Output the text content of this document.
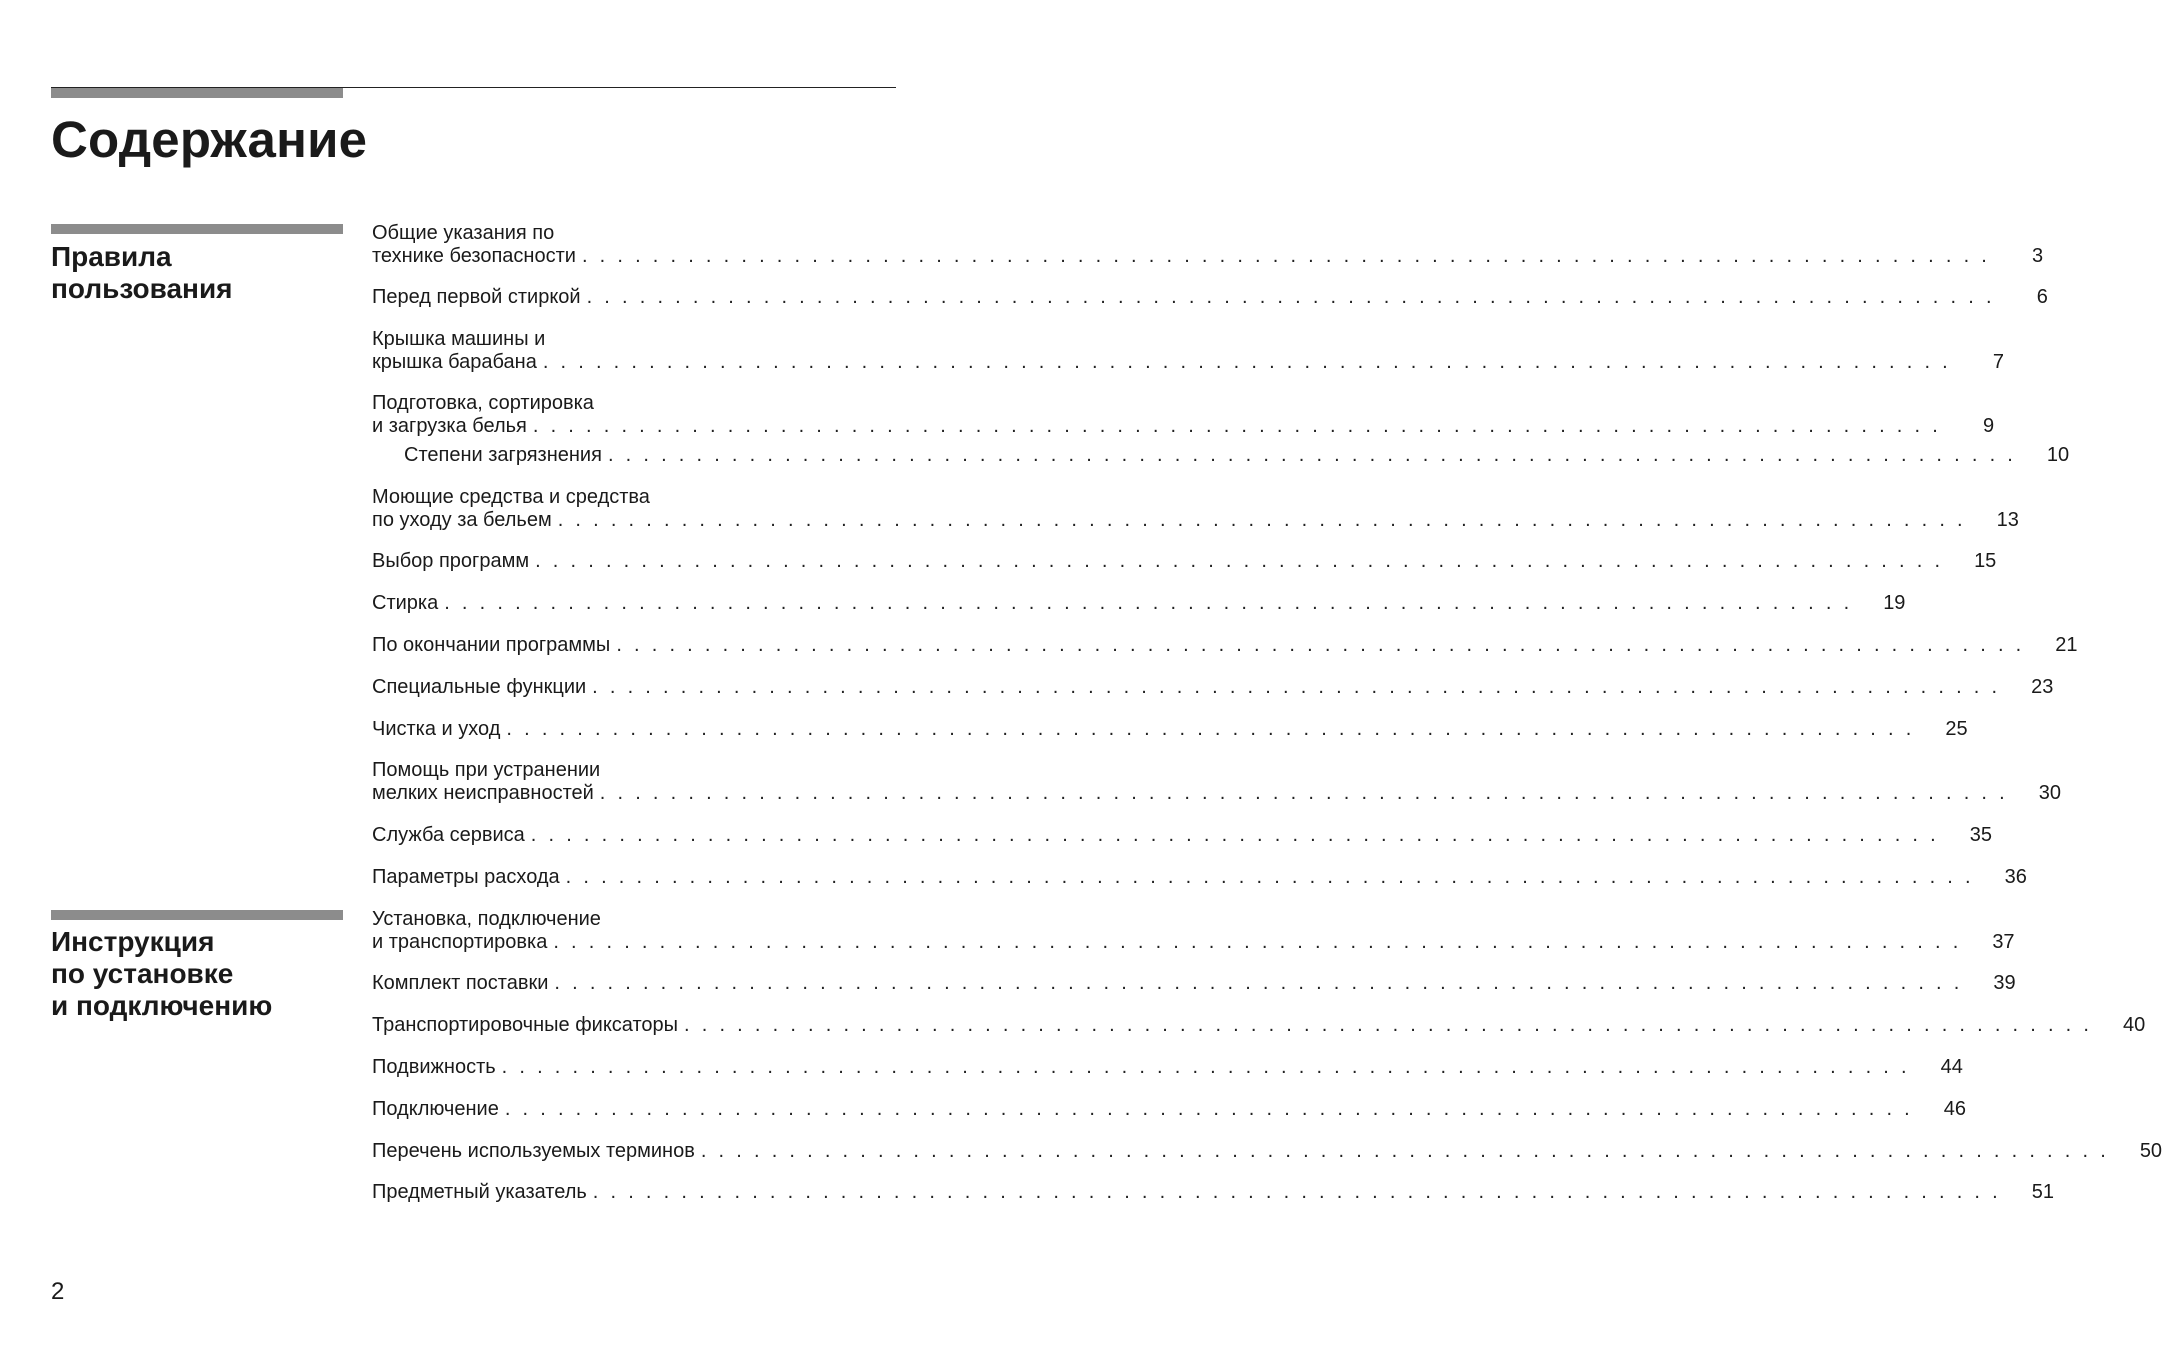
Содержание
Правила
пользования
Инструкция
по установке
и подключению
Общие указания по
технике безопасности . . . . . . . . . . . . . . . . . . . . . . . . . . . . . . . . . . . . . . . . . . . . . . . . . . . . . . . . . . . . . . . . . . . . . . . . . . . . . . . .	3
Перед первой стиркой . . . . . . . . . . . . . . . . . . . . . . . . . . . . . . . . . . . . . . . . . . . . . . . . . . . . . . . . . . . . . . . . . . . . . . . . . . . . . . . .	6
Крышка машины и
крышка барабана . . . . . . . . . . . . . . . . . . . . . . . . . . . . . . . . . . . . . . . . . . . . . . . . . . . . . . . . . . . . . . . . . . . . . . . . . . . . . . . .	7
Подготовка, сортировка
и загрузка белья . . . . . . . . . . . . . . . . . . . . . . . . . . . . . . . . . . . . . . . . . . . . . . . . . . . . . . . . . . . . . . . . . . . . . . . . . . . . . . . .	9
Степени загрязнения . . . . . . . . . . . . . . . . . . . . . . . . . . . . . . . . . . . . . . . . . . . . . . . . . . . . . . . . . . . . . . . . . . . . . . . . . . . . . . . . 10
Моющие средства и средства
по уходу за бельем . . . . . . . . . . . . . . . . . . . . . . . . . . . . . . . . . . . . . . . . . . . . . . . . . . . . . . . . . . . . . . . . . . . . . . . . . . . . . . . . 13
Выбор программ . . . . . . . . . . . . . . . . . . . . . . . . . . . . . . . . . . . . . . . . . . . . . . . . . . . . . . . . . . . . . . . . . . . . . . . . . . . . . . . . 15
Стирка . . . . . . . . . . . . . . . . . . . . . . . . . . . . . . . . . . . . . . . . . . . . . . . . . . . . . . . . . . . . . . . . . . . . . . . . . . . . . . . . 19
По окончании программы . . . . . . . . . . . . . . . . . . . . . . . . . . . . . . . . . . . . . . . . . . . . . . . . . . . . . . . . . . . . . . . . . . . . . . . . . . . . . . . . 21
Специальные функции . . . . . . . . . . . . . . . . . . . . . . . . . . . . . . . . . . . . . . . . . . . . . . . . . . . . . . . . . . . . . . . . . . . . . . . . . . . . . . . . 23
Чистка и уход . . . . . . . . . . . . . . . . . . . . . . . . . . . . . . . . . . . . . . . . . . . . . . . . . . . . . . . . . . . . . . . . . . . . . . . . . . . . . . . . 25
Помощь при устранении
мелких неисправностей . . . . . . . . . . . . . . . . . . . . . . . . . . . . . . . . . . . . . . . . . . . . . . . . . . . . . . . . . . . . . . . . . . . . . . . . . . . . . . . . 30
Служба сервиса . . . . . . . . . . . . . . . . . . . . . . . . . . . . . . . . . . . . . . . . . . . . . . . . . . . . . . . . . . . . . . . . . . . . . . . . . . . . . . . . 35
Параметры расхода . . . . . . . . . . . . . . . . . . . . . . . . . . . . . . . . . . . . . . . . . . . . . . . . . . . . . . . . . . . . . . . . . . . . . . . . . . . . . . . . 36
Установка, подключение
и транспортировка . . . . . . . . . . . . . . . . . . . . . . . . . . . . . . . . . . . . . . . . . . . . . . . . . . . . . . . . . . . . . . . . . . . . . . . . . . . . . . . . 37
Комплект поставки . . . . . . . . . . . . . . . . . . . . . . . . . . . . . . . . . . . . . . . . . . . . . . . . . . . . . . . . . . . . . . . . . . . . . . . . . . . . . . . . 39
Транспортировочные фиксаторы . . . . . . . . . . . . . . . . . . . . . . . . . . . . . . . . . . . . . . . . . . . . . . . . . . . . . . . . . . . . . . . . . . . . . . . . . . . . . . . . 40
Подвижность . . . . . . . . . . . . . . . . . . . . . . . . . . . . . . . . . . . . . . . . . . . . . . . . . . . . . . . . . . . . . . . . . . . . . . . . . . . . . . . . 44
Подключение . . . . . . . . . . . . . . . . . . . . . . . . . . . . . . . . . . . . . . . . . . . . . . . . . . . . . . . . . . . . . . . . . . . . . . . . . . . . . . . . 46
Перечень используемых терминов . . . . . . . . . . . . . . . . . . . . . . . . . . . . . . . . . . . . . . . . . . . . . . . . . . . . . . . . . . . . . . . . . . . . . . . . . . . . . . . . 50
Предметный указатель . . . . . . . . . . . . . . . . . . . . . . . . . . . . . . . . . . . . . . . . . . . . . . . . . . . . . . . . . . . . . . . . . . . . . . . . . . . . . . . . 51
2
